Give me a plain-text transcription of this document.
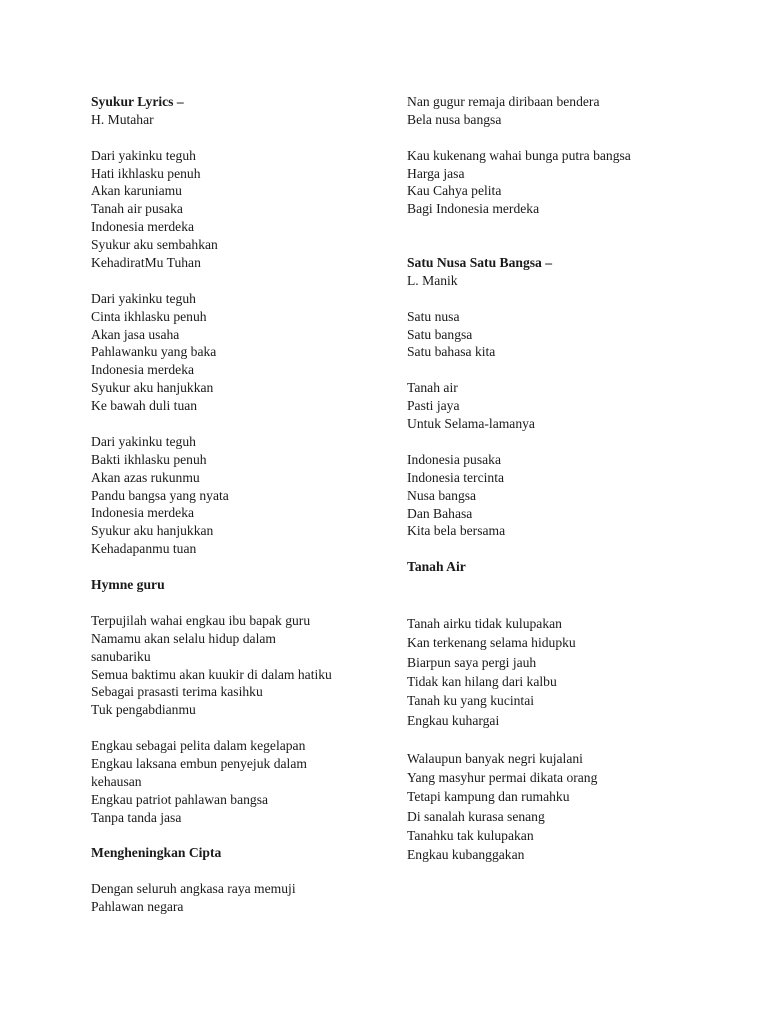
Syukur Lyrics –
H. Mutahar
Dari yakinku teguh
Hati ikhlasku penuh
Akan karuniamu
Tanah air pusaka
Indonesia merdeka
Syukur aku sembahkan
KehadiratMu Tuhan
Dari yakinku teguh
Cinta ikhlasku penuh
Akan jasa usaha
Pahlawanku yang baka
Indonesia merdeka
Syukur aku hanjukkan
Ke bawah duli tuan
Dari yakinku teguh
Bakti ikhlasku penuh
Akan azas rukunmu
Pandu bangsa yang nyata
Indonesia merdeka
Syukur aku hanjukkan
Kehadapanmu tuan
Hymne guru
Terpujilah wahai engkau ibu bapak guru
Namamu akan selalu hidup dalam
sanubariku
Semua baktimu akan kuukir di dalam hatiku
Sebagai prasasti terima kasihku
Tuk pengabdianmu
Engkau sebagai pelita dalam kegelapan
Engkau laksana embun penyejuk dalam
kehausan
Engkau patriot pahlawan bangsa
Tanpa tanda jasa
Mengheningkan Cipta
Dengan seluruh angkasa raya memuji
Pahlawan negara
Nan gugur remaja diribaan bendera
Bela nusa bangsa
Kau kukenang wahai bunga putra bangsa
Harga jasa
Kau Cahya pelita
Bagi Indonesia merdeka
Satu Nusa Satu Bangsa –
L. Manik
Satu nusa
Satu bangsa
Satu bahasa kita
Tanah air
Pasti jaya
Untuk Selama-lamanya
Indonesia pusaka
Indonesia tercinta
Nusa bangsa
Dan Bahasa
Kita bela bersama
Tanah Air
Tanah airku tidak kulupakan
Kan terkenang selama hidupku
Biarpun saya pergi jauh
Tidak kan hilang dari kalbu
Tanah ku yang kucintai
Engkau kuhargai
Walaupun banyak negri kujalani
Yang masyhur permai dikata orang
Tetapi kampung dan rumahku
Di sanalah kurasa senang
Tanahku tak kulupakan
Engkau kubanggakan
